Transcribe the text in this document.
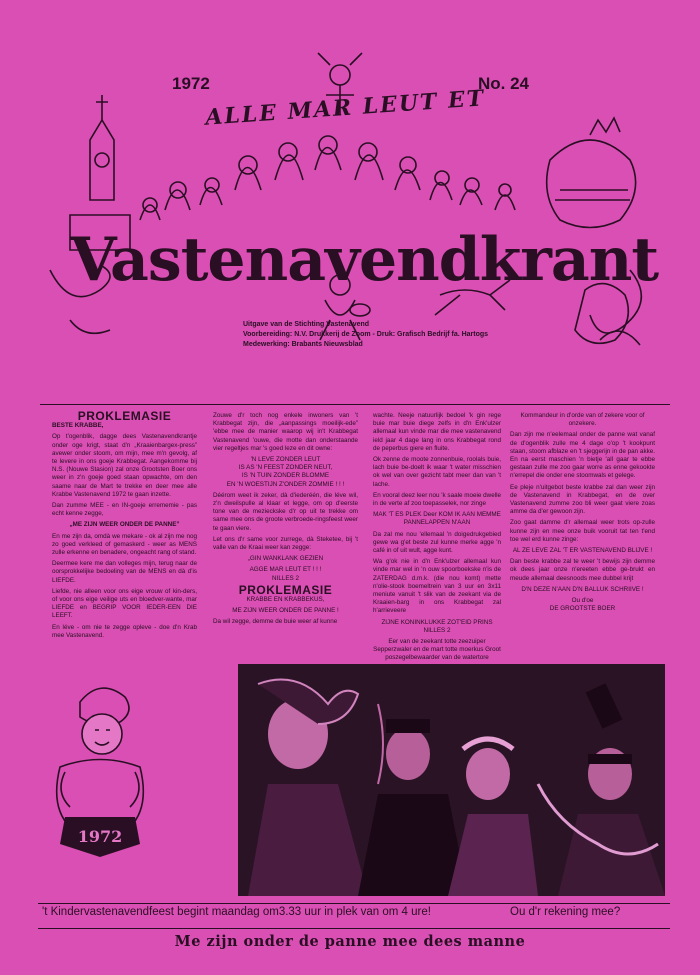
1972	No. 24
ALLE MAR LEUT ET
Vastenavendkrant
Uitgave van de Stichting Vastenavend
Voorbereiding: N.V. Drukkerij de Zoom - Druk: Grafisch Bedrijf fa. Hartogs
Medewerking: Brabants Nieuwsblad
PROKLEMASIE

BESTE KRABBE,

Op t'ogenblik, dagge dees Vastenavendkrantje onder oge krigt, staat d'n „Kraaienbargex-press” avewer onder stoom, om mijn, mee m'n gevolg, af te levere in ons goeje Krabbegat. Aangekomme bij N.S. (Nouwe Stasion) zal onze Grootsten Boer ons weer in z'n goeje goed staan opwachte, om den saame naar de Mart te trekke en deer mee alle Krabbe Vastenavend 1972 te gaan inzette.

Dan zumme MEE - en IN-goeje errememie - pas echt kenne zegge,

„ME ZIJN WEER ONDER DE PANNE”

En me zijn da, omdà we mekare - ok al zijn me nog zo goed verkleed of gemaskerd - weer as MENS zulle erkenne en benadere, ongeacht rang of stand.

Deermee kere me dan volleges mijn, terug naar de oorsprokkelijke bedoeling van de MENS en dà d'is LIEFDE.

Liefde, nie alleen voor ons eige vrouw of kin-ders, of voor ons eige veilige uts en bloedver-wante, mar LIEFDE en BEGRIP VOOR IEDER-EEN DIE LEEFT.

En léve - om nie te zegge opleve - doe d'n Krab mee Vastenavend.

Zouwe d'r toch nog enkele inwoners van 't Krabbegat zijn, die „aanpassings moeilijk-ede” 'ebbe mee de manier waarop wij in't Krabbegat Vastenavend 'ouwe, die motte dan onderstaande vier regeltjes mar 's goed leze en dit owne:

'N LEVE ZONDER LEUT

IS AS 'N FEEST ZONDER NEUT,

IS 'N TUIN ZONDER BLOMME

EN 'N WOESTIJN Z'ONDER ZOMMIE ! ! !

Déérom weet ik zeker, dà d'iederéén, die léve wil, z'n dweilspulle al klaar et legge, om op d'eerste tone van de mezieckske d'r op uit te trekke om same mee ons de groote verbroede-ringsfeest weer te gaan viere.

Let ons d'r same voor zurrege, dà Steketee, bij 't valle van de Kraai weer kan zegge:

„GIN WANKLANK GEZIEN

AGGE MAR LEUT ET ! ! !

NILLES 2

PROKLEMASIE

KRABBE EN KRABBEKUS,

ME ZIJN WEER ONDER DE PANNE !

Da wil zegge, demme de buie weer af kunne

wachte. Neeje natuurlijk bedoel 'k gin rege buie mar buie diege zelfs in d'n Enk'ulzer allemaal kun vinde mar die mee vastenavend ield jaar 4 dage lang in ons Krabbegat rond de peperbus giere en fluite.

Ok zenne de moote zonnenbuie, roolals buie, lach buie be-doelt ik waar 't water misschien ok wel van over gezicht tabt meer dan van 't lache.

En vooral deez leer nou 'k saale moeie dwelle in de verte af zoo toepasselek, nor zinge

MAK 'T ES PLEK Deer KOM IK AAN MEMME PANNELAPPEN N'AAN

Da zal me nou 'ellemaal 'n doigedrukgebied gewe wa g'et beste zul kunne merke agge 'n café in of uit wult, agge kunt.

Wa g'ok nie in d'n Enk'ulzer allemaal kun vinde mar wel in 'n ouw spoorboekske n'is de ZATERDAG d.m.k. (die nou komt) mette n'olie-stook boemeltrein van 3 uur en 3x11 meniute vanuit 't slik van de zeekant via de Kraaien-barg in ons Krabbegat zal h'arrieveere

ZIJNE KONINKLUKKE ZOT'EID PRINS NILLES 2

Eer van de zeekant totte zeezuiper Sepperzwaler en de mart totte moerkus Groot poszegelbewaarder van de watertore

Kommandeur in d'orde van of zekere voor of onzekere.

Dan zijn me n'eelemaal onder de panne wat vanaf de d'ogenblik zulle me 4 dage o'op 't kookpunt staan, stoom afblaze en 't sjeggerijn in de pan akke. En na eerst maschien 'n bietje 'all gaar te ebbe gestaan zulle me zoo gaar worre as enne gekookte n'errepel die onder ene stoomwals et gelege.

Ee pleje n'uitgebot beste krabbe zal dan weer zijn de Vastenavend in Krabbegat, en de over Vastenavend zumme zoo bli weer gaat viere zoas amme da d'er gewoon zijn.

Zoo gaat damme d'r allemaal weer trots op-zulle kunne zijn en mee onze buik vooruit tat ten t'end toe wel erd kunne zinge:

AL ZE LEVE ZAL 'T ER VASTENAVEND BLIJVE !

Dan beste krabbe zal te weer 't bewijs zijn demme ok dees jaar onze n'ereeten ebbe ge-brukt en meude allemaal deesnoods mee dubbel krijt

D'N DEZE N'AAN D'N BALLUK SCHRIIVE !

Ou d'oe

DE GROOTSTE BOER

1972
't Kindervastenavendfeest begint maandag om3.33 uur in plek van om 4 ure!	Ou d'r rekening mee?
Me zijn onder de panne mee dees manne
